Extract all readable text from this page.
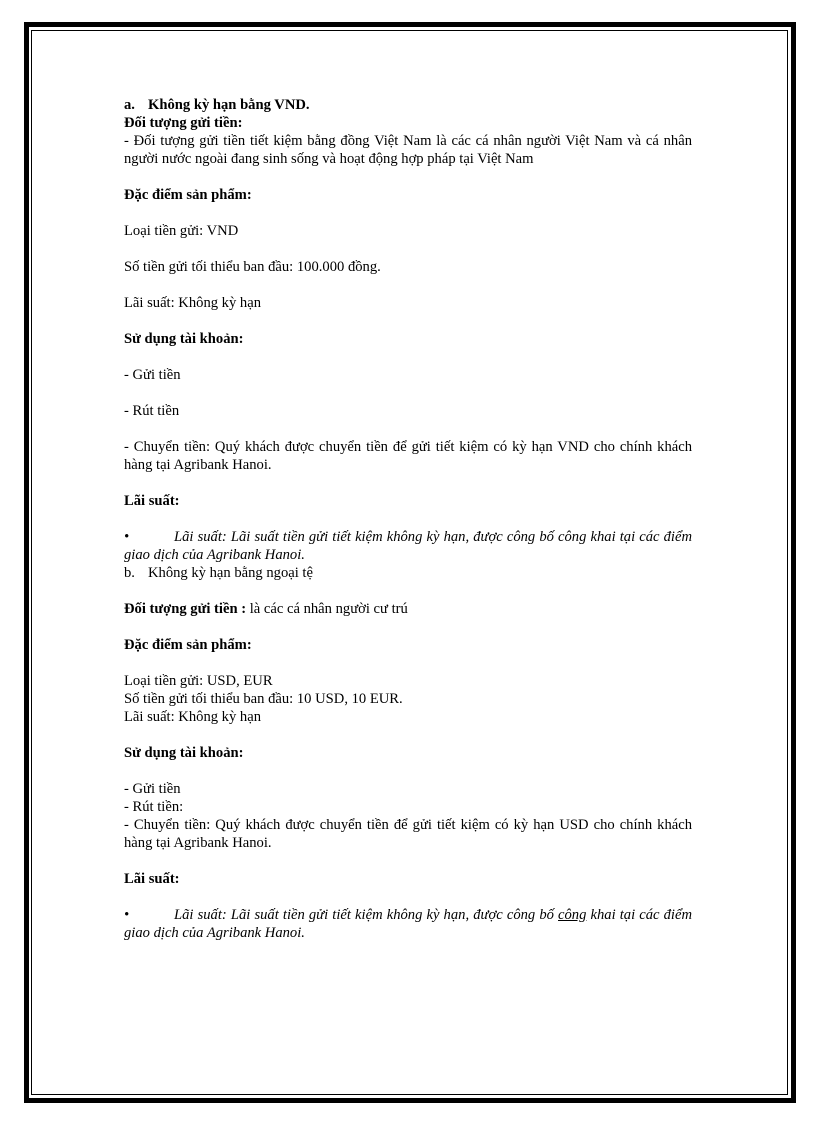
a. Không kỳ hạn bằng VND.

Đối tượng gửi tiền:

- Đối tượng gửi tiền tiết kiệm bằng đồng Việt Nam là các cá nhân người Việt Nam và cá nhân người nước ngoài đang sinh sống và hoạt động hợp pháp tại Việt Nam

Đặc điểm sản phẩm:

Loại tiền gửi: VND

Số tiền gửi tối thiểu ban đầu: 100.000 đồng.

Lãi suất: Không kỳ hạn

Sử dụng tài khoản:

- Gửi tiền

- Rút tiền

- Chuyển tiền: Quý khách được chuyển tiền để gửi tiết kiệm có kỳ hạn VND cho chính khách hàng tại Agribank Hanoi.

Lãi suất:

•	Lãi suất: Lãi suất tiền gửi tiết kiệm không kỳ hạn, được công bố công khai tại các điểm giao dịch của Agribank Hanoi.

b. Không kỳ hạn bằng ngoại tệ

Đối tượng gửi tiền : là các cá nhân người cư trú

Đặc điểm sản phẩm:

Loại tiền gửi: USD, EUR

Số tiền gửi tối thiểu ban đầu: 10 USD, 10 EUR.

Lãi suất: Không kỳ hạn

Sử dụng tài khoản:

- Gửi tiền

- Rút tiền:

- Chuyển tiền: Quý khách được chuyển tiền để gửi tiết kiệm có kỳ hạn USD cho chính khách hàng tại Agribank Hanoi.

Lãi suất:

•	Lãi suất: Lãi suất tiền gửi tiết kiệm không kỳ hạn, được công bố công khai tại các điểm giao dịch của Agribank Hanoi.
